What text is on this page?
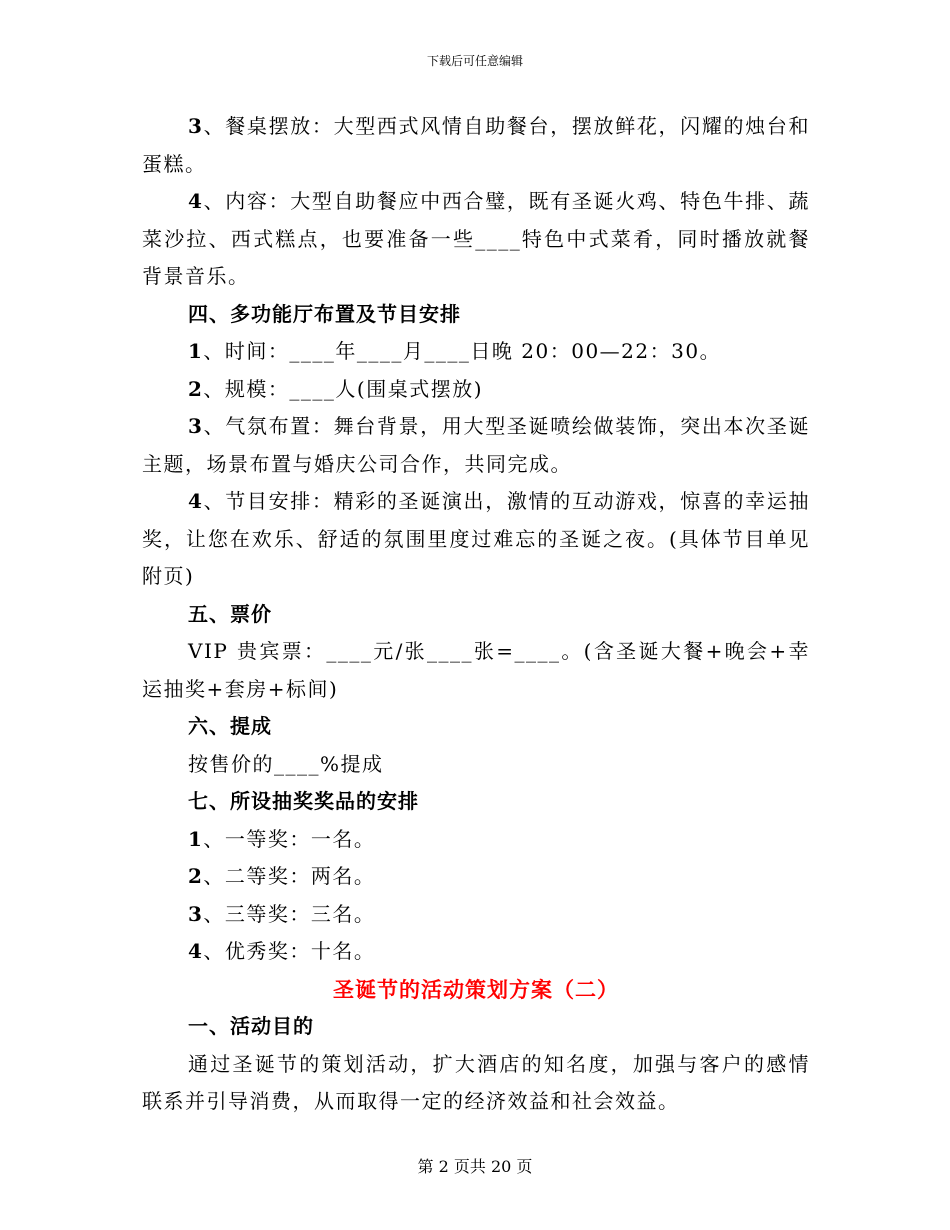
下载后可任意编辑

3、餐桌摆放：大型西式风情自助餐台，摆放鲜花，闪耀的烛台和蛋糕。

4、内容：大型自助餐应中西合璧，既有圣诞火鸡、特色牛排、蔬菜沙拉、西式糕点，也要准备一些____特色中式菜肴，同时播放就餐背景音乐。

四、多功能厅布置及节目安排

1、时间：____年____月____日晚 20：00—22：30。

2、规模：____人(围桌式摆放)

3、气氛布置：舞台背景，用大型圣诞喷绘做装饰，突出本次圣诞主题，场景布置与婚庆公司合作，共同完成。

4、节目安排：精彩的圣诞演出，激情的互动游戏，惊喜的幸运抽奖，让您在欢乐、舒适的氛围里度过难忘的圣诞之夜。(具体节目单见附页)

五、票价

VIP 贵宾票：____元/张____张=____。(含圣诞大餐+晚会+幸运抽奖+套房+标间)

六、提成

按售价的____%提成

七、所设抽奖奖品的安排

1、一等奖：一名。

2、二等奖：两名。

3、三等奖：三名。

4、优秀奖：十名。

圣诞节的活动策划方案（二）

一、活动目的

通过圣诞节的策划活动，扩大酒店的知名度，加强与客户的感情联系并引导消费，从而取得一定的经济效益和社会效益。

第 2 页共 20 页
